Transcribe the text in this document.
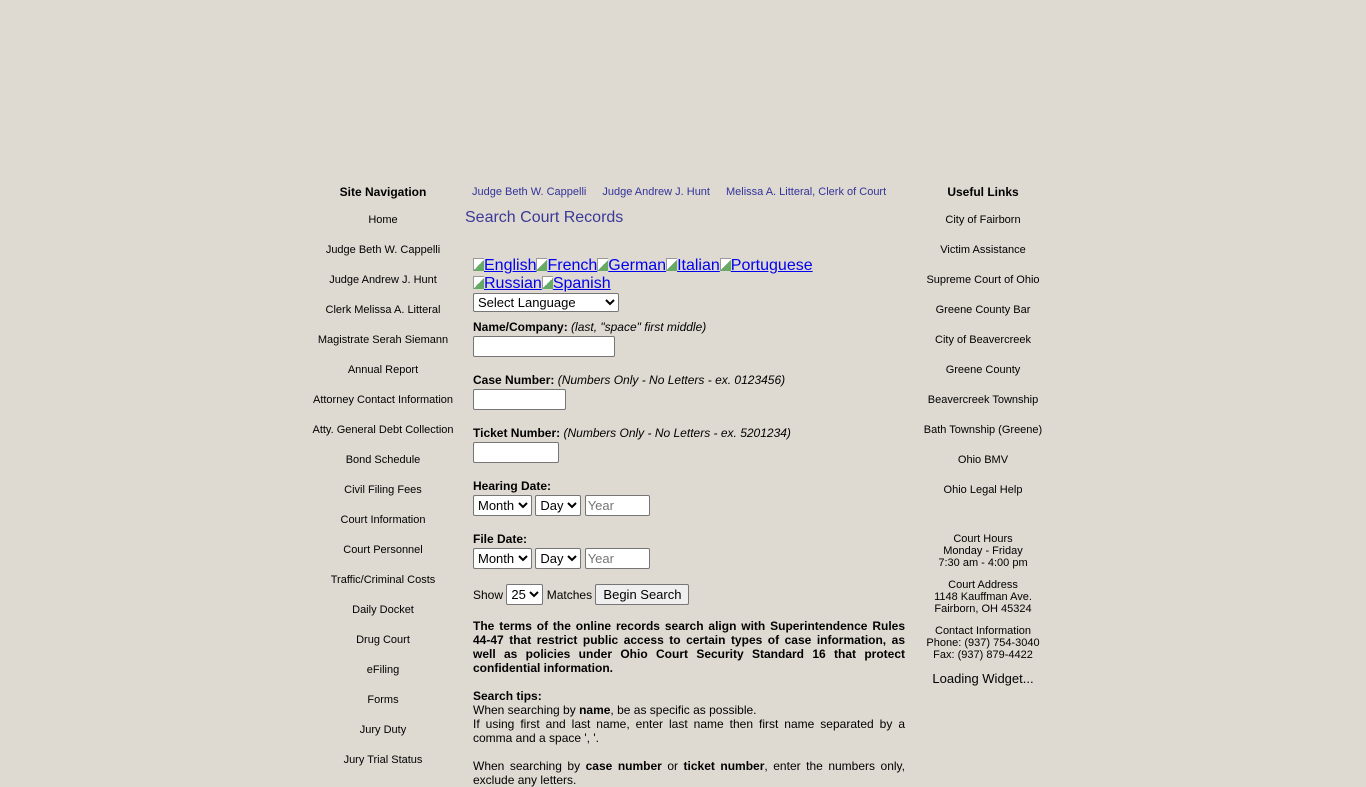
Site Navigation
Home
Judge Beth W. Cappelli
Judge Andrew J. Hunt
Clerk Melissa A. Litteral
Magistrate Serah Siemann
Annual Report
Attorney Contact Information
Atty. General Debt Collection
Bond Schedule
Civil Filing Fees
Court Information
Court Personnel
Traffic/Criminal Costs
Daily Docket
Drug Court
eFiling
Forms
Jury Duty
Jury Trial Status
Judge Beth W. Cappelli Judge Andrew J. Hunt Melissa A. Litteral, Clerk of Court
Search Court Records
English French German Italian Portuguese
Russian Spanish
Select Language
Name/Company: (last, "space" first middle)
Case Number: (Numbers Only - No Letters - ex. 0123456)
Ticket Number: (Numbers Only - No Letters - ex. 5201234)
Hearing Date:
Month
Day Year
File Date:
Month
Day Year
Show
25	Matches Begin Search
The terms of the online records search align with Superintendence Rules 44-47 that restrict public access to certain types of case information, as well as policies under Ohio Court Security Standard 16 that protect confidential information.
Search tips:
When searching by name, be as specific as possible.
If using first and last name, enter last name then first name separated by a comma and a space ', '.

When searching by case number or ticket number, enter the numbers only, exclude any letters.
Useful Links
City of Fairborn
Victim Assistance
Supreme Court of Ohio
Greene County Bar
City of Beavercreek
Greene County
Beavercreek Township
Bath Township (Greene)
Ohio BMV
Ohio Legal Help
Court Hours
Monday - Friday
7:30 am - 4:00 pm
Court Address
1148 Kauffman Ave.
Fairborn, OH 45324
Contact Information
Phone: (937) 754-3040
Fax: (937) 879-4422
Loading Widget...
